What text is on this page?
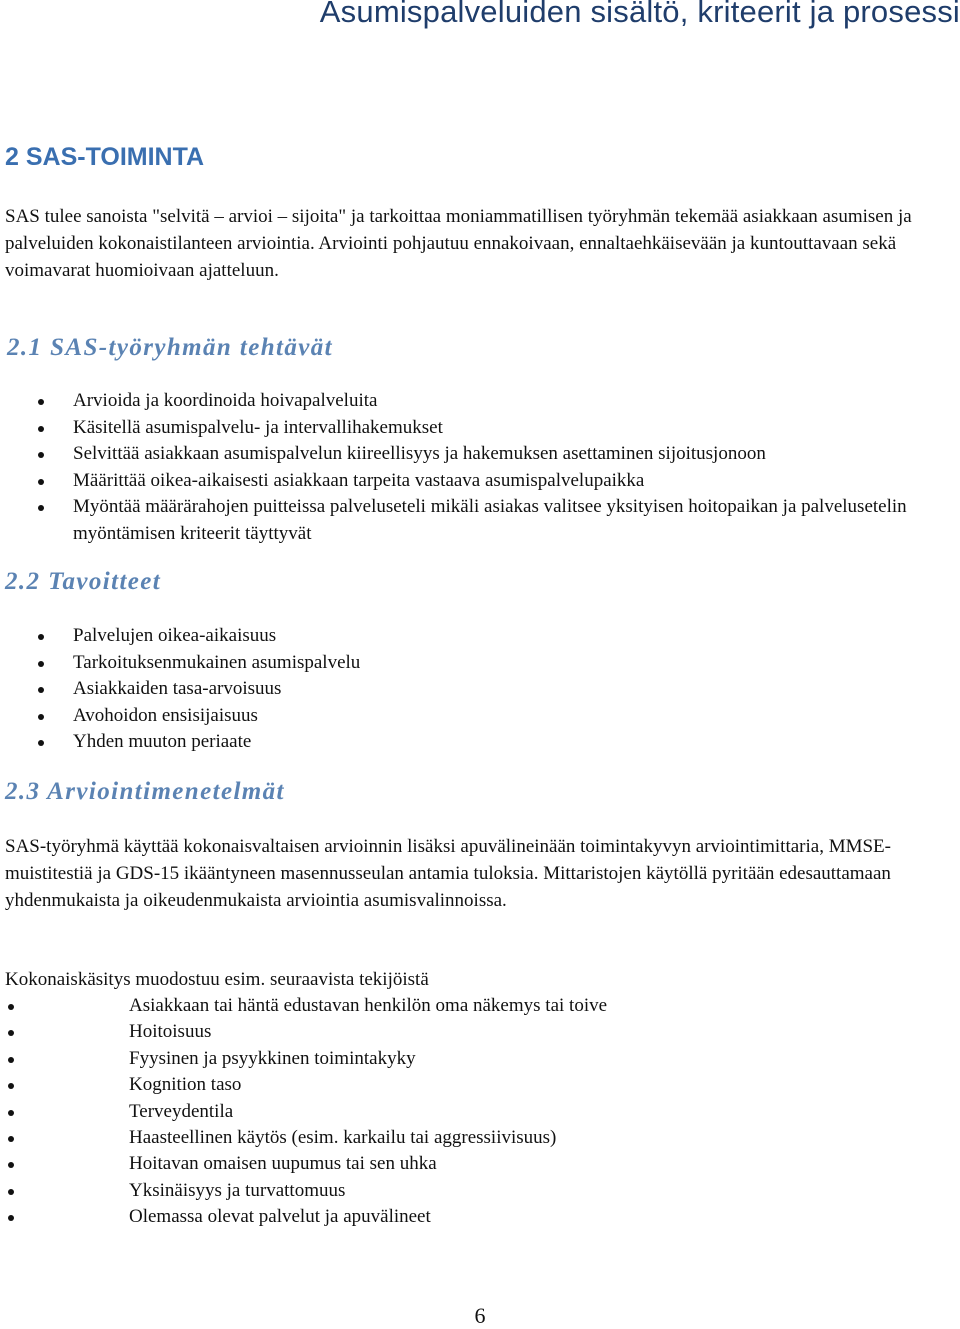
Asumispalveluiden sisältö, kriteerit ja prosessi
2 SAS-TOIMINTA

SAS tulee sanoista "selvitä – arvioi – sijoita" ja tarkoittaa moniammatillisen työryhmän tekemää asiakkaan asumisen ja palveluiden kokonaistilanteen arviointia. Arviointi pohjautuu ennakoivaan, ennaltaehkäisevään ja kuntouttavaan sekä voimavarat huomioivaan ajatteluun.

2.1 SAS-työryhmän tehtävät
Arvioida ja koordinoida hoivapalveluita
Käsitellä asumispalvelu- ja intervallihakemukset
Selvittää asiakkaan asumispalvelun kiireellisyys ja hakemuksen asettaminen sijoitusjonoon
Määrittää oikea-aikaisesti asiakkaan tarpeita vastaava asumispalvelupaikka
Myöntää määrärahojen puitteissa palveluseteli mikäli asiakas valitsee yksityisen hoitopaikan ja palvelusetelin myöntämisen kriteerit täyttyvät
2.2 Tavoitteet
Palvelujen oikea-aikaisuus
Tarkoituksenmukainen asumispalvelu
Asiakkaiden tasa-arvoisuus
Avohoidon ensisijaisuus
Yhden muuton periaate
2.3 Arviointimenetelmät

SAS-työryhmä käyttää kokonaisvaltaisen arvioinnin lisäksi apuvälineinään toimintakyvyn arviointimittaria, MMSE-muistitestiä ja GDS-15 ikääntyneen masennusseulan antamia tuloksia. Mittaristojen käytöllä pyritään edesauttamaan yhdenmukaista ja oikeudenmukaista arviointia asumisvalinnoissa.

Kokonaiskäsitys muodostuu esim. seuraavista tekijöistä

Asiakkaan tai häntä edustavan henkilön oma näkemys tai toive
Hoitoisuus
Fyysinen ja psyykkinen toimintakyky
Kognition taso
Terveydentila
Haasteellinen käytös (esim. karkailu tai aggressiivisuus)
Hoitavan omaisen uupumus tai sen uhka
Yksinäisyys ja turvattomuus
Olemassa olevat palvelut ja apuvälineet
6
